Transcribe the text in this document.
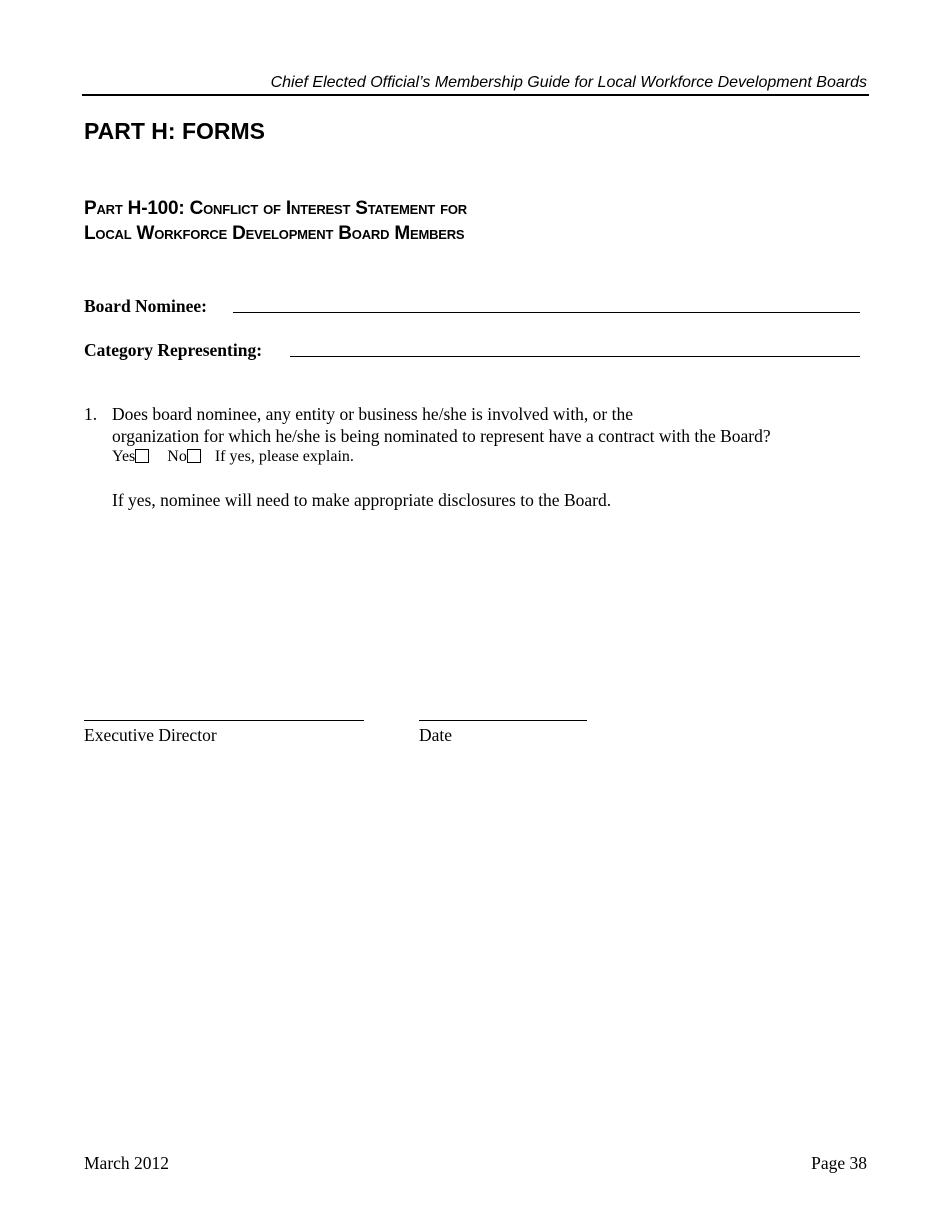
Chief Elected Official’s Membership Guide for Local Workforce Development Boards
PART H: FORMS
Part H-100: Conflict of Interest Statement for
Local Workforce Development Board Members
Board Nominee:
Category Representing:
1. Does board nominee, any entity or business he/she is involved with, or the
organization for which he/she is being nominated to represent have a contract with the Board?
Yes No If yes, please explain.
If yes, nominee will need to make appropriate disclosures to the Board.
Executive Director	Date
March 2012	Page 38
